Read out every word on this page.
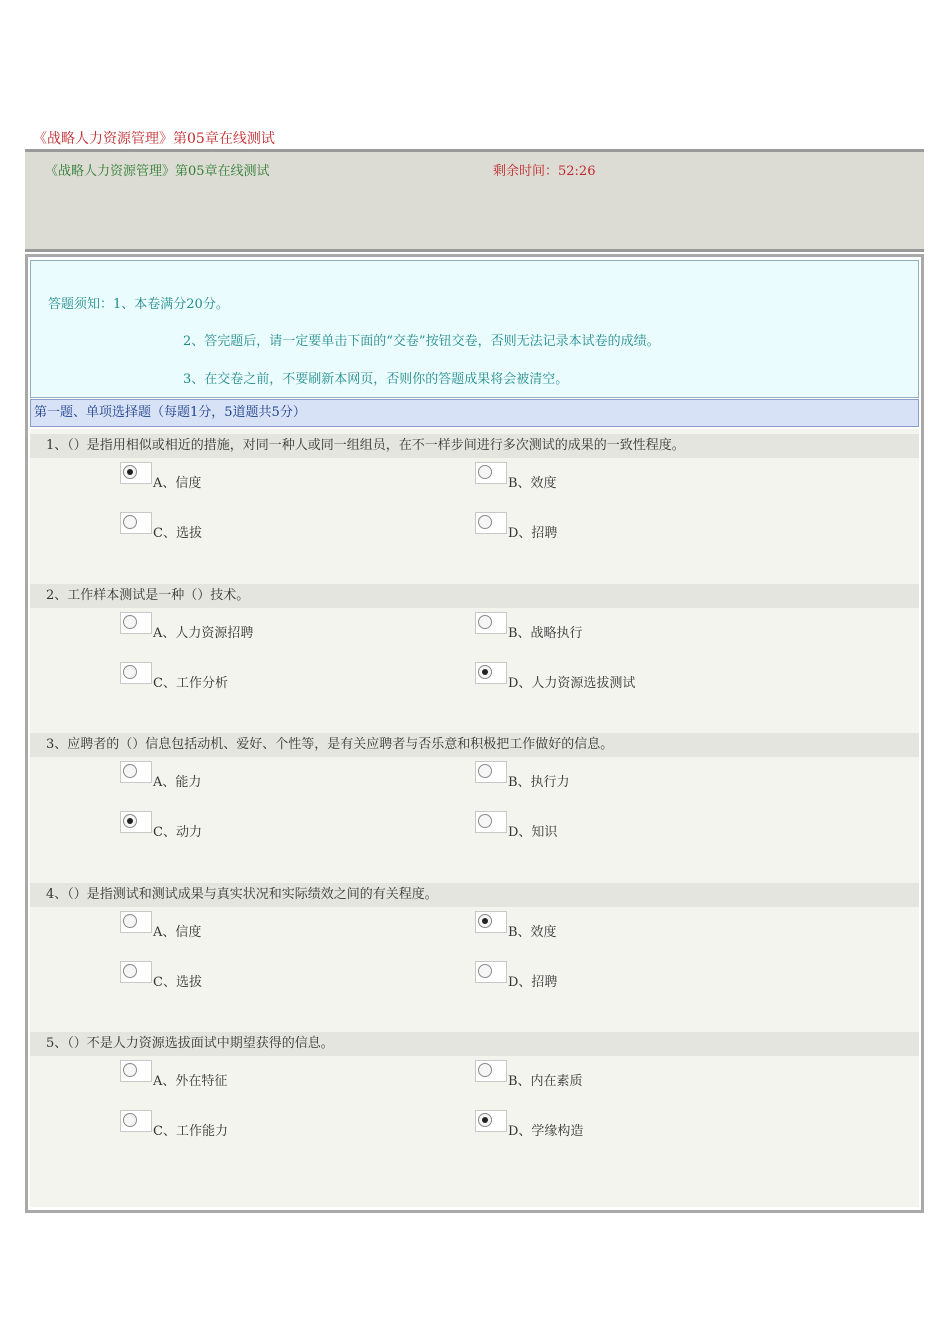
《战略人力资源管理》第05章在线测试
《战略人力资源管理》第05章在线测试	剩余时间：52:26
答题须知：1、本卷满分20分。
2、答完题后，请一定要单击下面的“交卷”按钮交卷，否则无法记录本试卷的成绩。
3、在交卷之前，不要刷新本网页，否则你的答题成果将会被清空。
第一题、单项选择题（每题1分，5道题共5分）
1、（）是指用相似或相近的措施，对同一种人或同一组组员，在不一样步间进行多次测试的成果的一致性程度。
A、信度	B、效度
C、选拔	D、招聘
2、工作样本测试是一种（）技术。
A、人力资源招聘	B、战略执行
C、工作分析	D、人力资源选拔测试
3、应聘者的（）信息包括动机、爱好、个性等，是有关应聘者与否乐意和积极把工作做好的信息。
A、能力	B、执行力
C、动力	D、知识
4、（）是指测试和测试成果与真实状况和实际绩效之间的有关程度。
A、信度	B、效度
C、选拔	D、招聘
5、（）不是人力资源选拔面试中期望获得的信息。
A、外在特征	B、内在素质
C、工作能力	D、学缘构造
